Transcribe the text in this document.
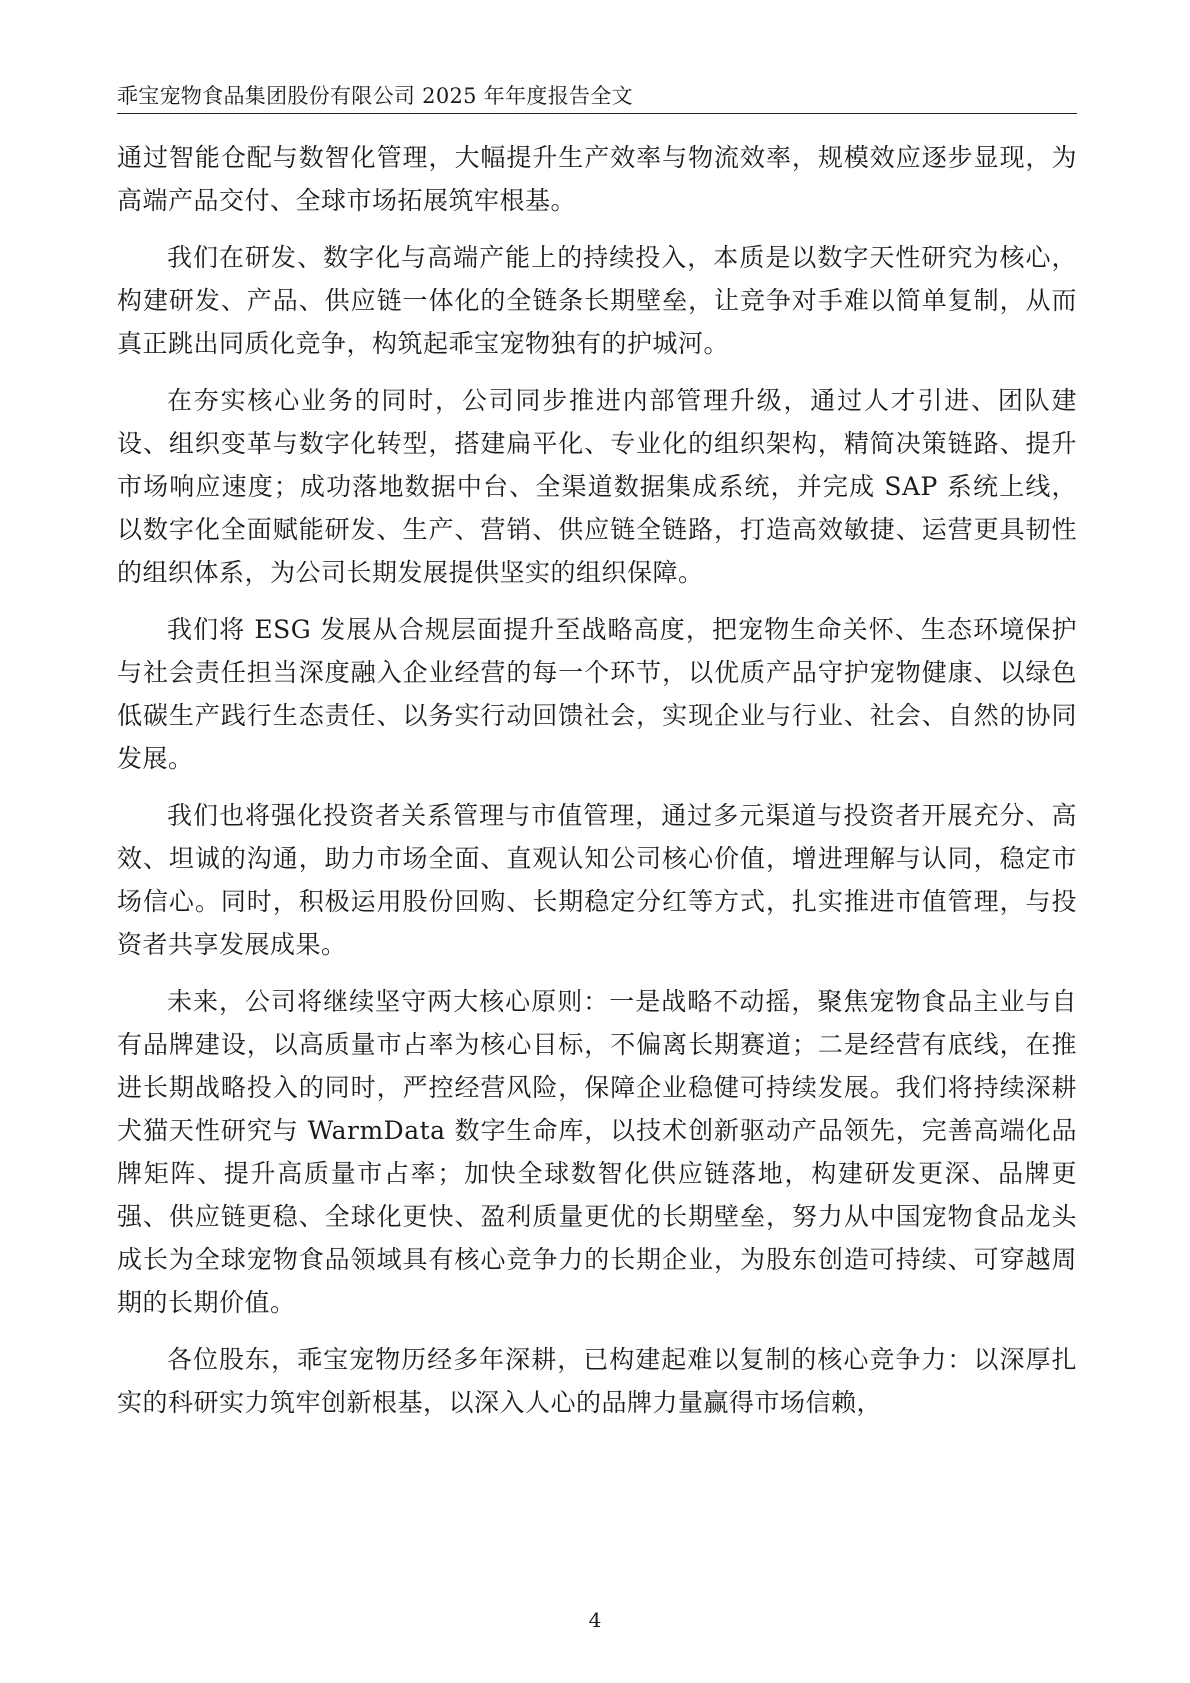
乖宝宠物食品集团股份有限公司 2025 年年度报告全文

通过智能仓配与数智化管理，大幅提升生产效率与物流效率，规模效应逐步显现，为高端产品交付、全球市场拓展筑牢根基。

我们在研发、数字化与高端产能上的持续投入，本质是以数字天性研究为核心，构建研发、产品、供应链一体化的全链条长期壁垒，让竞争对手难以简单复制，从而真正跳出同质化竞争，构筑起乖宝宠物独有的护城河。

在夯实核心业务的同时，公司同步推进内部管理升级，通过人才引进、团队建设、组织变革与数字化转型，搭建扁平化、专业化的组织架构，精简决策链路、提升市场响应速度；成功落地数据中台、全渠道数据集成系统，并完成 SAP 系统上线，以数字化全面赋能研发、生产、营销、供应链全链路，打造高效敏捷、运营更具韧性的组织体系，为公司长期发展提供坚实的组织保障。

我们将 ESG 发展从合规层面提升至战略高度，把宠物生命关怀、生态环境保护与社会责任担当深度融入企业经营的每一个环节，以优质产品守护宠物健康、以绿色低碳生产践行生态责任、以务实行动回馈社会，实现企业与行业、社会、自然的协同发展。

我们也将强化投资者关系管理与市值管理，通过多元渠道与投资者开展充分、高效、坦诚的沟通，助力市场全面、直观认知公司核心价值，增进理解与认同，稳定市场信心。同时，积极运用股份回购、长期稳定分红等方式，扎实推进市值管理，与投资者共享发展成果。

未来，公司将继续坚守两大核心原则：一是战略不动摇，聚焦宠物食品主业与自有品牌建设，以高质量市占率为核心目标，不偏离长期赛道；二是经营有底线，在推进长期战略投入的同时，严控经营风险，保障企业稳健可持续发展。我们将持续深耕犬猫天性研究与 WarmData 数字生命库，以技术创新驱动产品领先，完善高端化品牌矩阵、提升高质量市占率；加快全球数智化供应链落地，构建研发更深、品牌更强、供应链更稳、全球化更快、盈利质量更优的长期壁垒，努力从中国宠物食品龙头成长为全球宠物食品领域具有核心竞争力的长期企业，为股东创造可持续、可穿越周期的长期价值。

各位股东，乖宝宠物历经多年深耕，已构建起难以复制的核心竞争力：以深厚扎实的科研实力筑牢创新根基，以深入人心的品牌力量赢得市场信赖，

4
